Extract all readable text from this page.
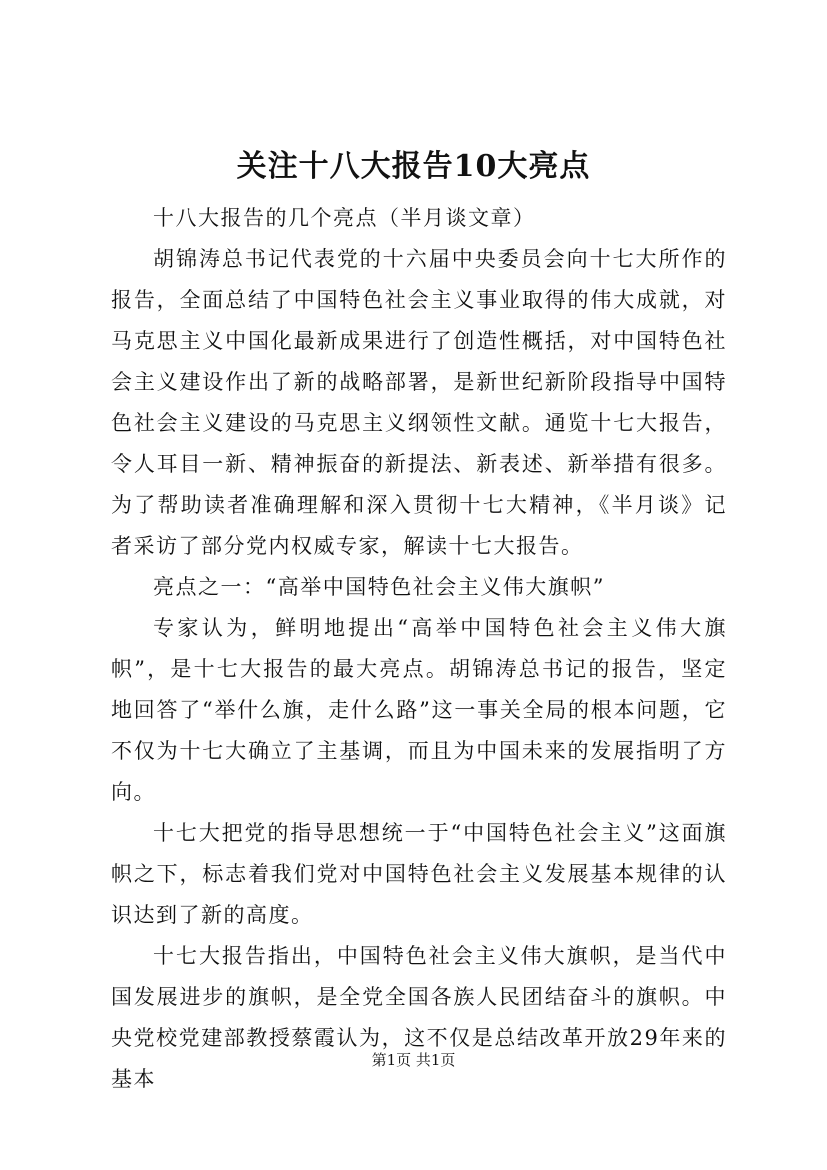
关注十八大报告10大亮点

十八大报告的几个亮点（半月谈文章）

胡锦涛总书记代表党的十六届中央委员会向十七大所作的报告，全面总结了中国特色社会主义事业取得的伟大成就，对马克思主义中国化最新成果进行了创造性概括，对中国特色社会主义建设作出了新的战略部署，是新世纪新阶段指导中国特色社会主义建设的马克思主义纲领性文献。通览十七大报告，令人耳目一新、精神振奋的新提法、新表述、新举措有很多。为了帮助读者准确理解和深入贯彻十七大精神，《半月谈》记者采访了部分党内权威专家，解读十七大报告。

亮点之一：“高举中国特色社会主义伟大旗帜”

专家认为，鲜明地提出“高举中国特色社会主义伟大旗帜”，是十七大报告的最大亮点。胡锦涛总书记的报告，坚定地回答了“举什么旗，走什么路”这一事关全局的根本问题，它不仅为十七大确立了主基调，而且为中国未来的发展指明了方向。

十七大把党的指导思想统一于“中国特色社会主义”这面旗帜之下，标志着我们党对中国特色社会主义发展基本规律的认识达到了新的高度。

十七大报告指出，中国特色社会主义伟大旗帜，是当代中国发展进步的旗帜，是全党全国各族人民团结奋斗的旗帜。中央党校党建部教授蔡霞认为，这不仅是总结改革开放29年来的基本

第1页 共1页
